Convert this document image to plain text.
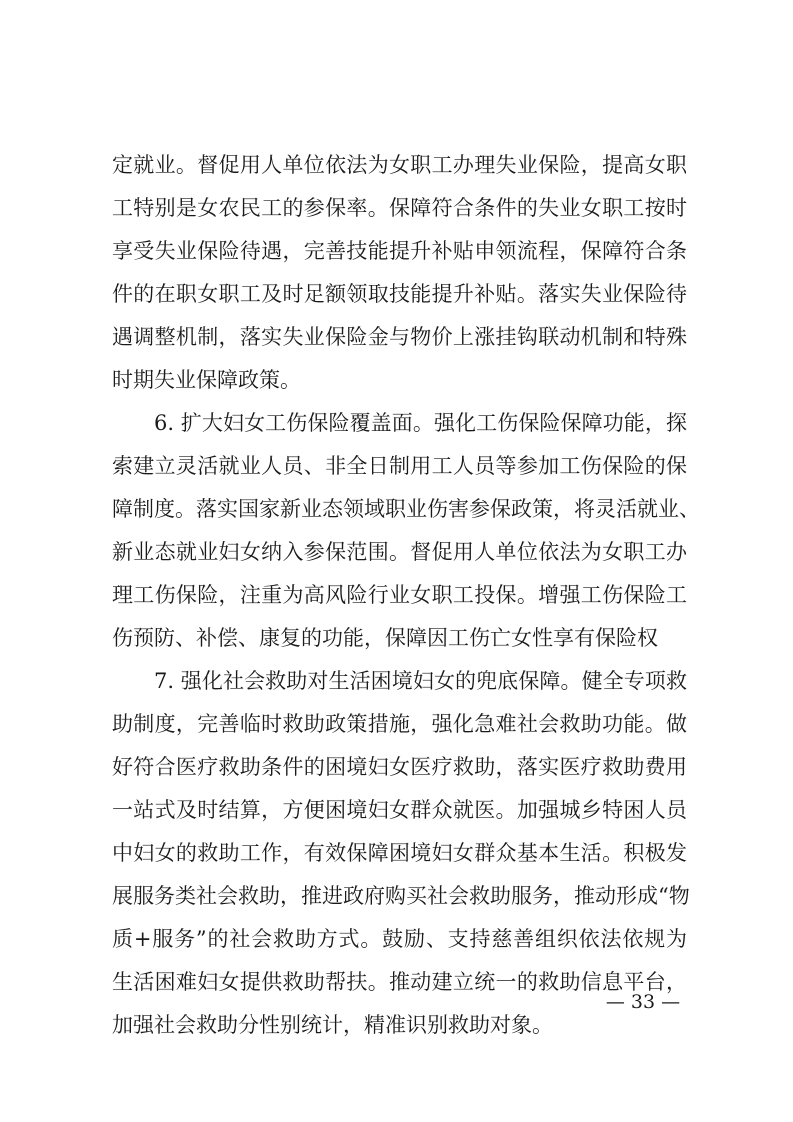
定就业。督促用人单位依法为女职工办理失业保险，提高女职
工特别是女农民工的参保率。保障符合条件的失业女职工按时
享受失业保险待遇，完善技能提升补贴申领流程，保障符合条
件的在职女职工及时足额领取技能提升补贴。落实失业保险待
遇调整机制，落实失业保险金与物价上涨挂钩联动机制和特殊
时期失业保障政策。
6. 扩大妇女工伤保险覆盖面。强化工伤保险保障功能，探
索建立灵活就业人员、非全日制用工人员等参加工伤保险的保
障制度。落实国家新业态领域职业伤害参保政策，将灵活就业、
新业态就业妇女纳入参保范围。督促用人单位依法为女职工办
理工伤保险，注重为高风险行业女职工投保。增强工伤保险工
伤预防、补偿、康复的功能，保障因工伤亡女性享有保险权
7. 强化社会救助对生活困境妇女的兜底保障。健全专项救
助制度，完善临时救助政策措施，强化急难社会救助功能。做
好符合医疗救助条件的困境妇女医疗救助，落实医疗救助费用
一站式及时结算，方便困境妇女群众就医。加强城乡特困人员
中妇女的救助工作，有效保障困境妇女群众基本生活。积极发
展服务类社会救助，推进政府购买社会救助服务，推动形成“物
质+服务”的社会救助方式。鼓励、支持慈善组织依法依规为
生活困难妇女提供救助帮扶。推动建立统一的救助信息平台，
加强社会救助分性别统计，精准识别救助对象。
— 33 —
